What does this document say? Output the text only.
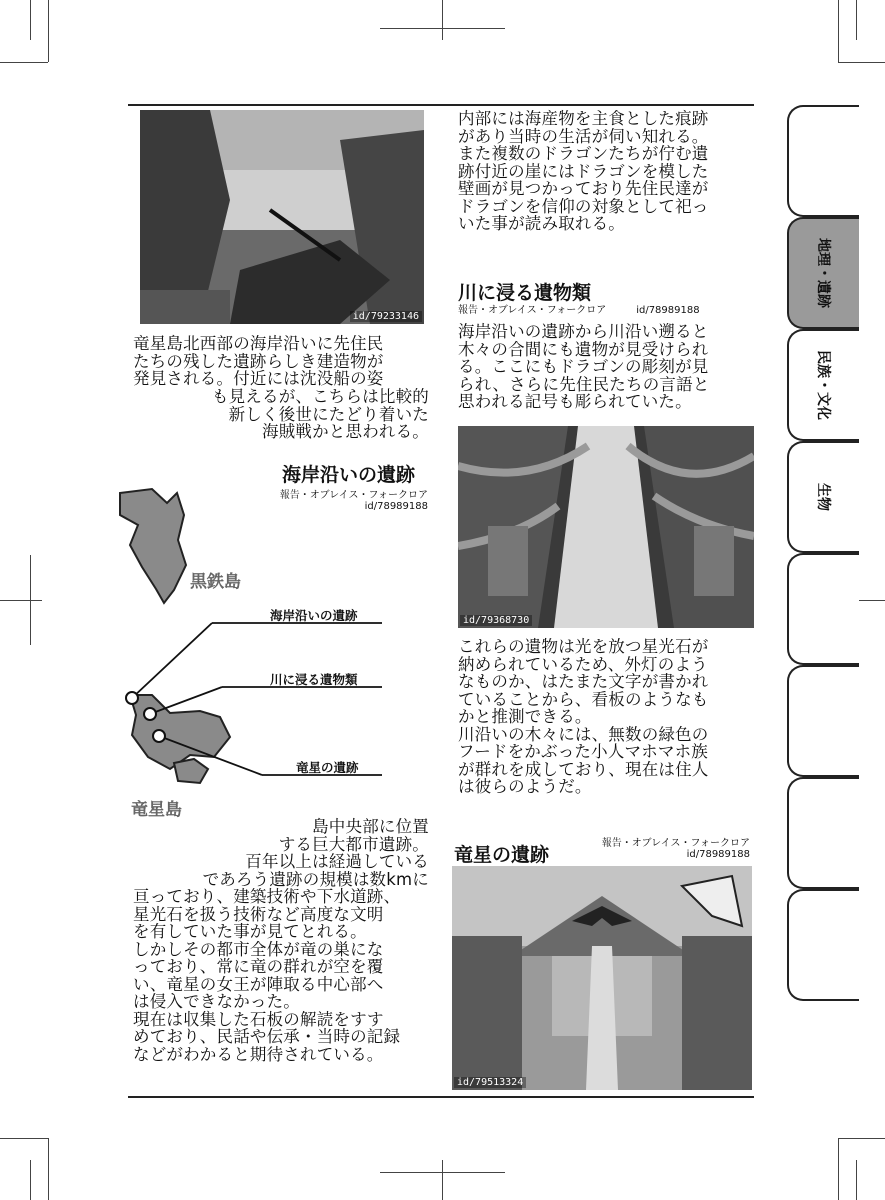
id/79233146
竜星島北西部の海岸沿いに先住民
たちの残した遺跡らしき建造物が
発見される。付近には沈没船の姿
も見えるが、こちらは比較的
新しく後世にたどり着いた
海賊戦かと思われる。
海岸沿いの遺跡
報告・オブレイス・フォークロア
id/78989188
黒鉄島
竜星島
海岸沿いの遺跡
川に浸る遺物類
竜星の遺跡
島中央部に位置
する巨大都市遺跡。
百年以上は経過している
であろう遺跡の規模は数kmに
亘っており、建築技術や下水道跡、
星光石を扱う技術など高度な文明
を有していた事が見てとれる。
しかしその都市全体が竜の巣にな
っており、常に竜の群れが空を覆
い、竜星の女王が陣取る中心部へ
は侵入できなかった。
現在は収集した石板の解読をすす
めており、民話や伝承・当時の記録
などがわかると期待されている。
内部には海産物を主食とした痕跡
があり当時の生活が伺い知れる。
また複数のドラゴンたちが佇む遺
跡付近の崖にはドラゴンを模した
壁画が見つかっており先住民達が
ドラゴンを信仰の対象として祀っ
いた事が読み取れる。
川に浸る遺物類
報告・オブレイス・フォークロア　　　id/78989188
海岸沿いの遺跡から川沿い遡ると
木々の合間にも遺物が見受けられ
る。ここにもドラゴンの彫刻が見
られ、さらに先住民たちの言語と
思われる記号も彫られていた。
id/79368730
これらの遺物は光を放つ星光石が
納められているため、外灯のよう
なものか、はたまた文字が書かれ
ていることから、看板のようなも
かと推測できる。
川沿いの木々には、無数の緑色の
フードをかぶった小人マホマホ族
が群れを成しており、現在は住人
は彼らのようだ。
竜星の遺跡
報告・オブレイス・フォークロア
id/78989188
id/79513324
地理・遺跡
民族・文化
生物
